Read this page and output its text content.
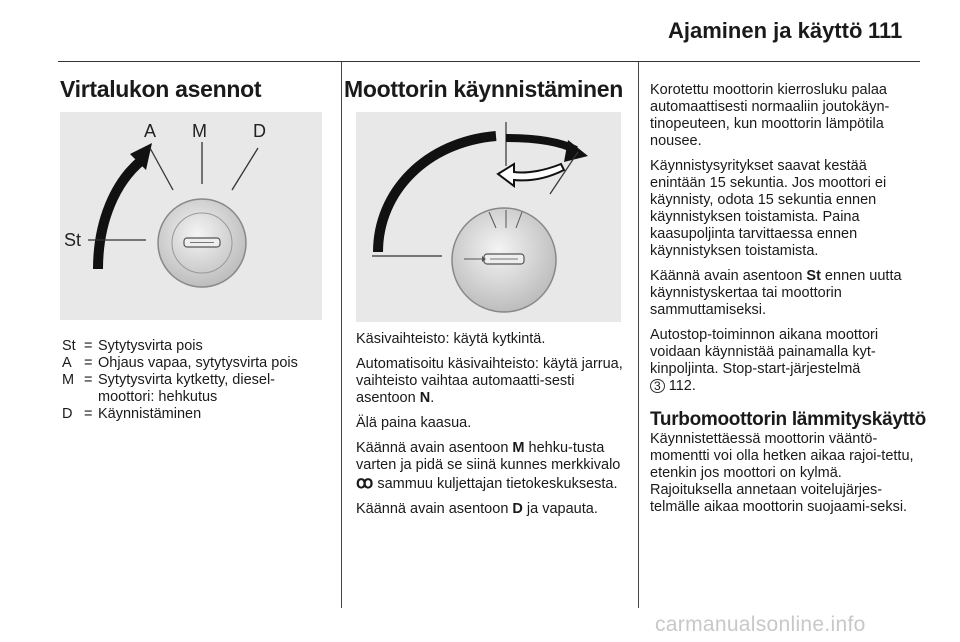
Ajaminen ja käyttö 111
Virtalukon asennot
A M	D
St
St = Sytytysvirta pois
A = Ohjaus vapaa, sytytysvirta pois
M = Sytytysvirta kytketty, diesel-moottori: hehkutus
D = Käynnistäminen
Moottorin käynnistäminen

Käsivaihteisto: käytä kytkintä.

Automatisoitu käsivaihteisto: käytä jarrua, vaihteisto vaihtaa automaatti-sesti asentoon N.

Älä paina kaasua.

Käännä avain asentoon M hehku-tusta varten ja pidä se siinä kunnes merkkivalo ꝏ sammuu kuljettajan tietokeskuksesta.

Käännä avain asentoon D ja vapauta.

Korotettu moottorin kierrosluku palaa automaattisesti normaaliin joutokäyn-tinopeuteen, kun moottorin lämpötila nousee.

Käynnistysyritykset saavat kestää enintään 15 sekuntia. Jos moottori ei käynnisty, odota 15 sekuntia ennen käynnistyksen toistamista. Paina kaasupoljinta tarvittaessa ennen käynnistyksen toistamista.

Käännä avain asentoon St ennen uutta käynnistyskertaa tai moottorin sammuttamiseksi.

Autostop-toiminnon aikana moottori voidaan käynnistää painamalla kyt-kinpoljinta. Stop-start-järjestelmä
3 112.

Turbomoottorin lämmityskäyttö

Käynnistettäessä moottorin vääntö-momentti voi olla hetken aikaa rajoi-tettu, etenkin jos moottori on kylmä. Rajoituksella annetaan voitelujärjes-telmälle aikaa moottorin suojaami-seksi.

carmanualsonline.info
